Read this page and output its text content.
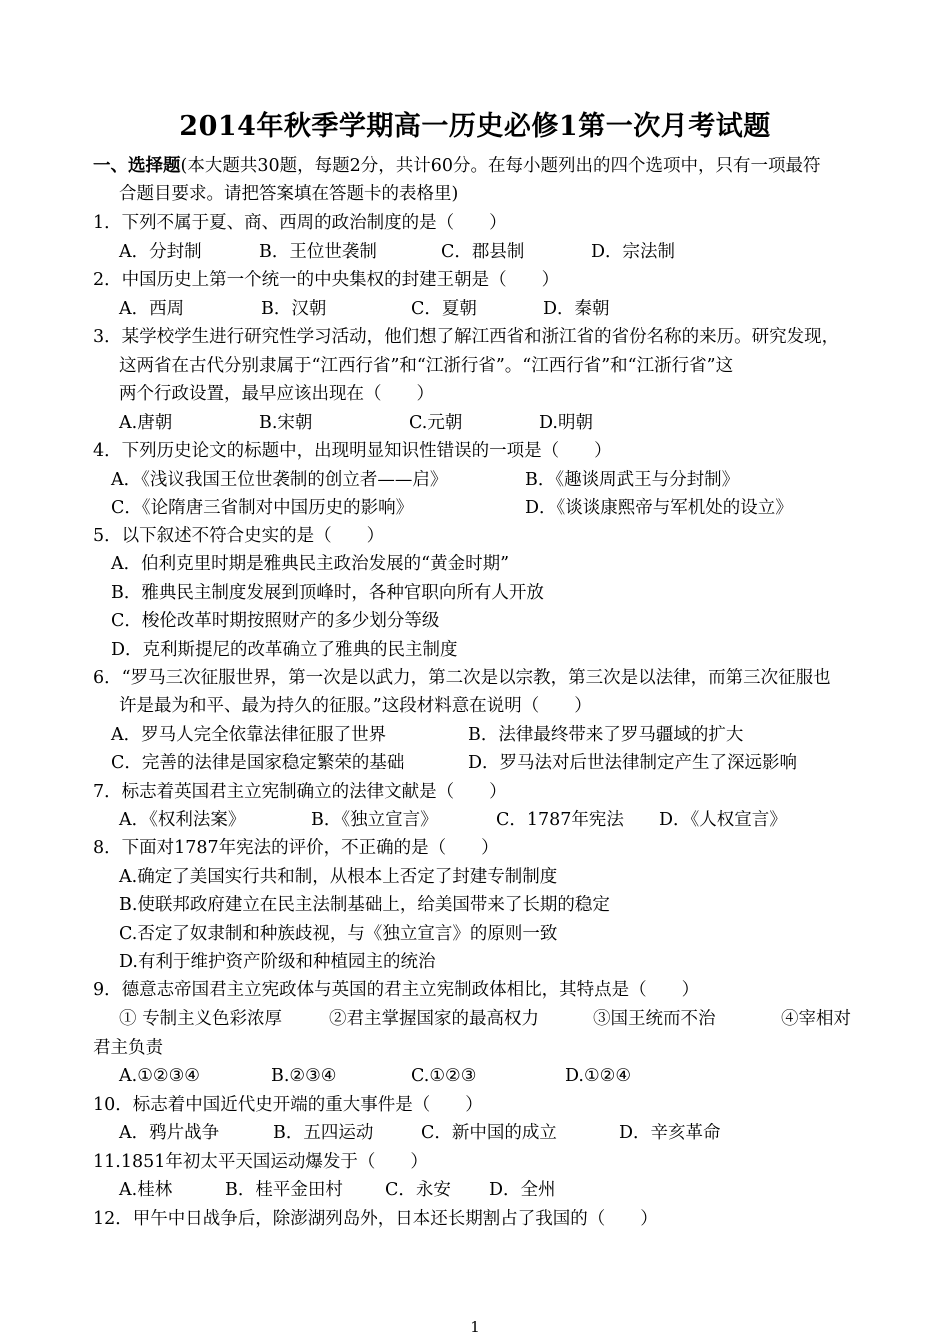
2014年秋季学期高一历史必修1第一次月考试题
一、选择题(本大题共30题，每题2分，共计60分。在每小题列出的四个选项中，只有一项最符
合题目要求。请把答案填在答题卡的表格里)
1．下列不属于夏、商、西周的政治制度的是（　　）
A．分封制	B．王位世袭制	C．郡县制	D．宗法制
2．中国历史上第一个统一的中央集权的封建王朝是（　　）
A．西周	B．汉朝	C．夏朝	D．秦朝
3．某学校学生进行研究性学习活动，他们想了解江西省和浙江省的省份名称的来历。研究发现，
这两省在古代分别隶属于“江西行省”和“江浙行省”。“江西行省”和“江浙行省”这
两个行政设置，最早应该出现在（　　）
A.唐朝	B.宋朝	C.元朝	D.明朝
4．下列历史论文的标题中，出现明显知识性错误的一项是（　　）
A．《浅议我国王位世袭制的创立者——启》	B．《趣谈周武王与分封制》
C．《论隋唐三省制对中国历史的影响》	D．《谈谈康熙帝与军机处的设立》
5．以下叙述不符合史实的是（　　）
A．伯利克里时期是雅典民主政治发展的“黄金时期”
B．雅典民主制度发展到顶峰时，各种官职向所有人开放
C．梭伦改革时期按照财产的多少划分等级
D．克利斯提尼的改革确立了雅典的民主制度
6．“罗马三次征服世界，第一次是以武力，第二次是以宗教，第三次是以法律，而第三次征服也
许是最为和平、最为持久的征服。”这段材料意在说明（　　）
A．罗马人完全依靠法律征服了世界	B．法律最终带来了罗马疆域的扩大
C．完善的法律是国家稳定繁荣的基础	D．罗马法对后世法律制定产生了深远影响
7．标志着英国君主立宪制确立的法律文献是（　　）
A．《权利法案》	B．《独立宣言》	C．1787年宪法 D．《人权宣言》
8．下面对1787年宪法的评价，不正确的是（　　）
A.确定了美国实行共和制，从根本上否定了封建专制制度
B.使联邦政府建立在民主法制基础上，给美国带来了长期的稳定
C.否定了奴隶制和种族歧视，与《独立宣言》的原则一致
D.有利于维护资产阶级和种植园主的统治
9．德意志帝国君主立宪政体与英国的君主立宪制政体相比，其特点是（　　）
① 专制主义色彩浓厚	②君主掌握国家的最高权力	③国王统而不治	④宰相对
君主负责
A.①②③④	B.②③④	C.①②③	D.①②④
10．标志着中国近代史开端的重大事件是（　　）
A．鸦片战争	B．五四运动	C．新中国的成立	D．辛亥革命
11.1851年初太平天国运动爆发于（　　）
A.桂林	B．桂平金田村 C．永安 D．全州
12．甲午中日战争后，除澎湖列岛外，日本还长期割占了我国的（　　）
1
